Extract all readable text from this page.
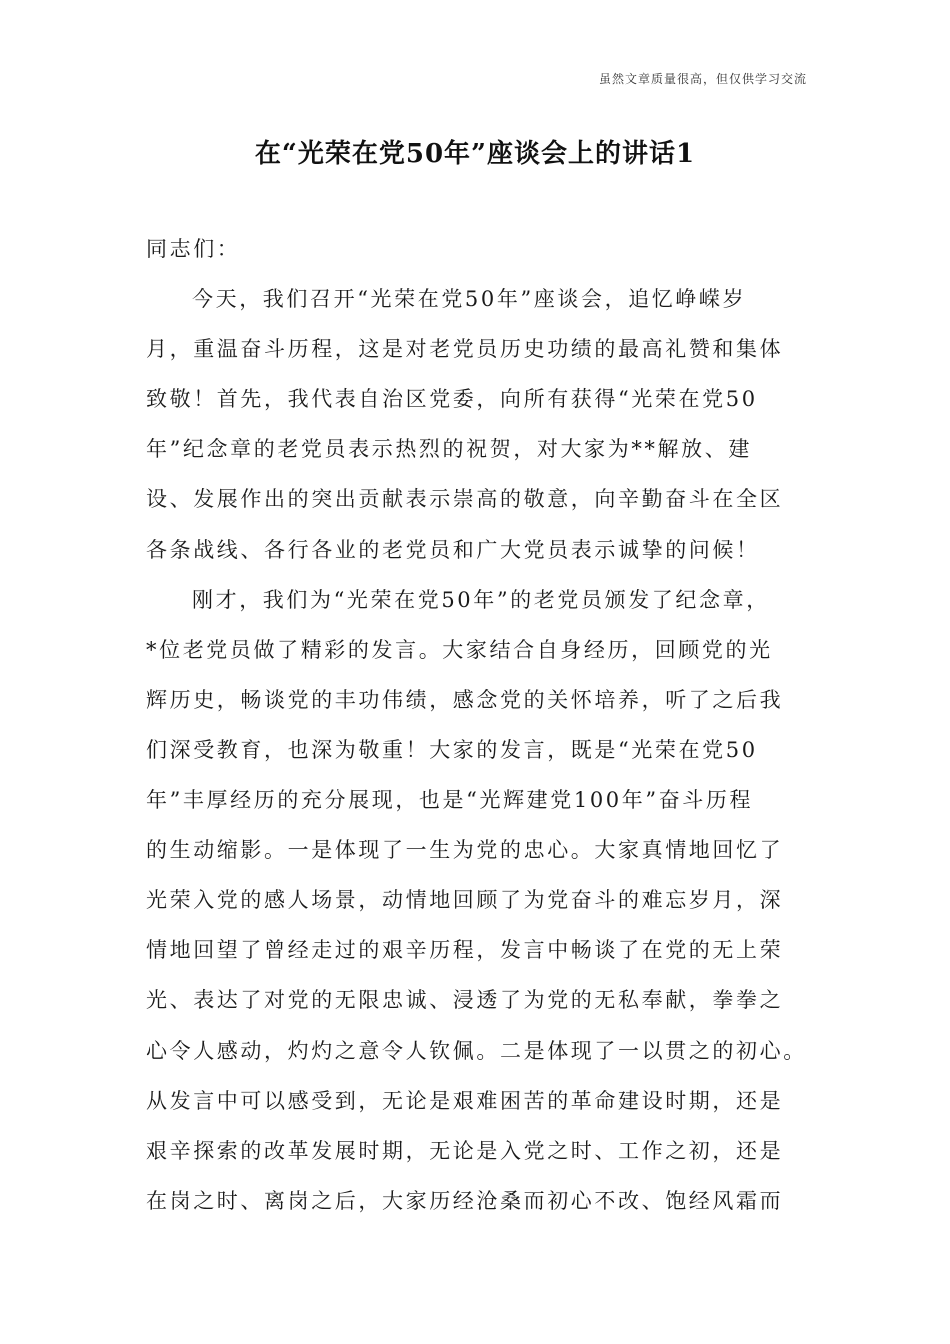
虽然文章质量很高，但仅供学习交流
在“光荣在党50年”座谈会上的讲话1
同志们：
今天，我们召开“光荣在党50年”座谈会，追忆峥嵘岁
月，重温奋斗历程，这是对老党员历史功绩的最高礼赞和集体
致敬！首先，我代表自治区党委，向所有获得“光荣在党50
年”纪念章的老党员表示热烈的祝贺，对大家为**解放、建
设、发展作出的突出贡献表示崇高的敬意，向辛勤奋斗在全区
各条战线、各行各业的老党员和广大党员表示诚挚的问候！
刚才，我们为“光荣在党50年”的老党员颁发了纪念章，
*位老党员做了精彩的发言。大家结合自身经历，回顾党的光
辉历史，畅谈党的丰功伟绩，感念党的关怀培养，听了之后我
们深受教育，也深为敬重！大家的发言，既是“光荣在党50
年”丰厚经历的充分展现，也是“光辉建党100年”奋斗历程
的生动缩影。一是体现了一生为党的忠心。大家真情地回忆了
光荣入党的感人场景，动情地回顾了为党奋斗的难忘岁月，深
情地回望了曾经走过的艰辛历程，发言中畅谈了在党的无上荣
光、表达了对党的无限忠诚、浸透了为党的无私奉献，拳拳之
心令人感动，灼灼之意令人钦佩。二是体现了一以贯之的初心。
从发言中可以感受到，无论是艰难困苦的革命建设时期，还是
艰辛探索的改革发展时期，无论是入党之时、工作之初，还是
在岗之时、离岗之后，大家历经沧桑而初心不改、饱经风霜而
